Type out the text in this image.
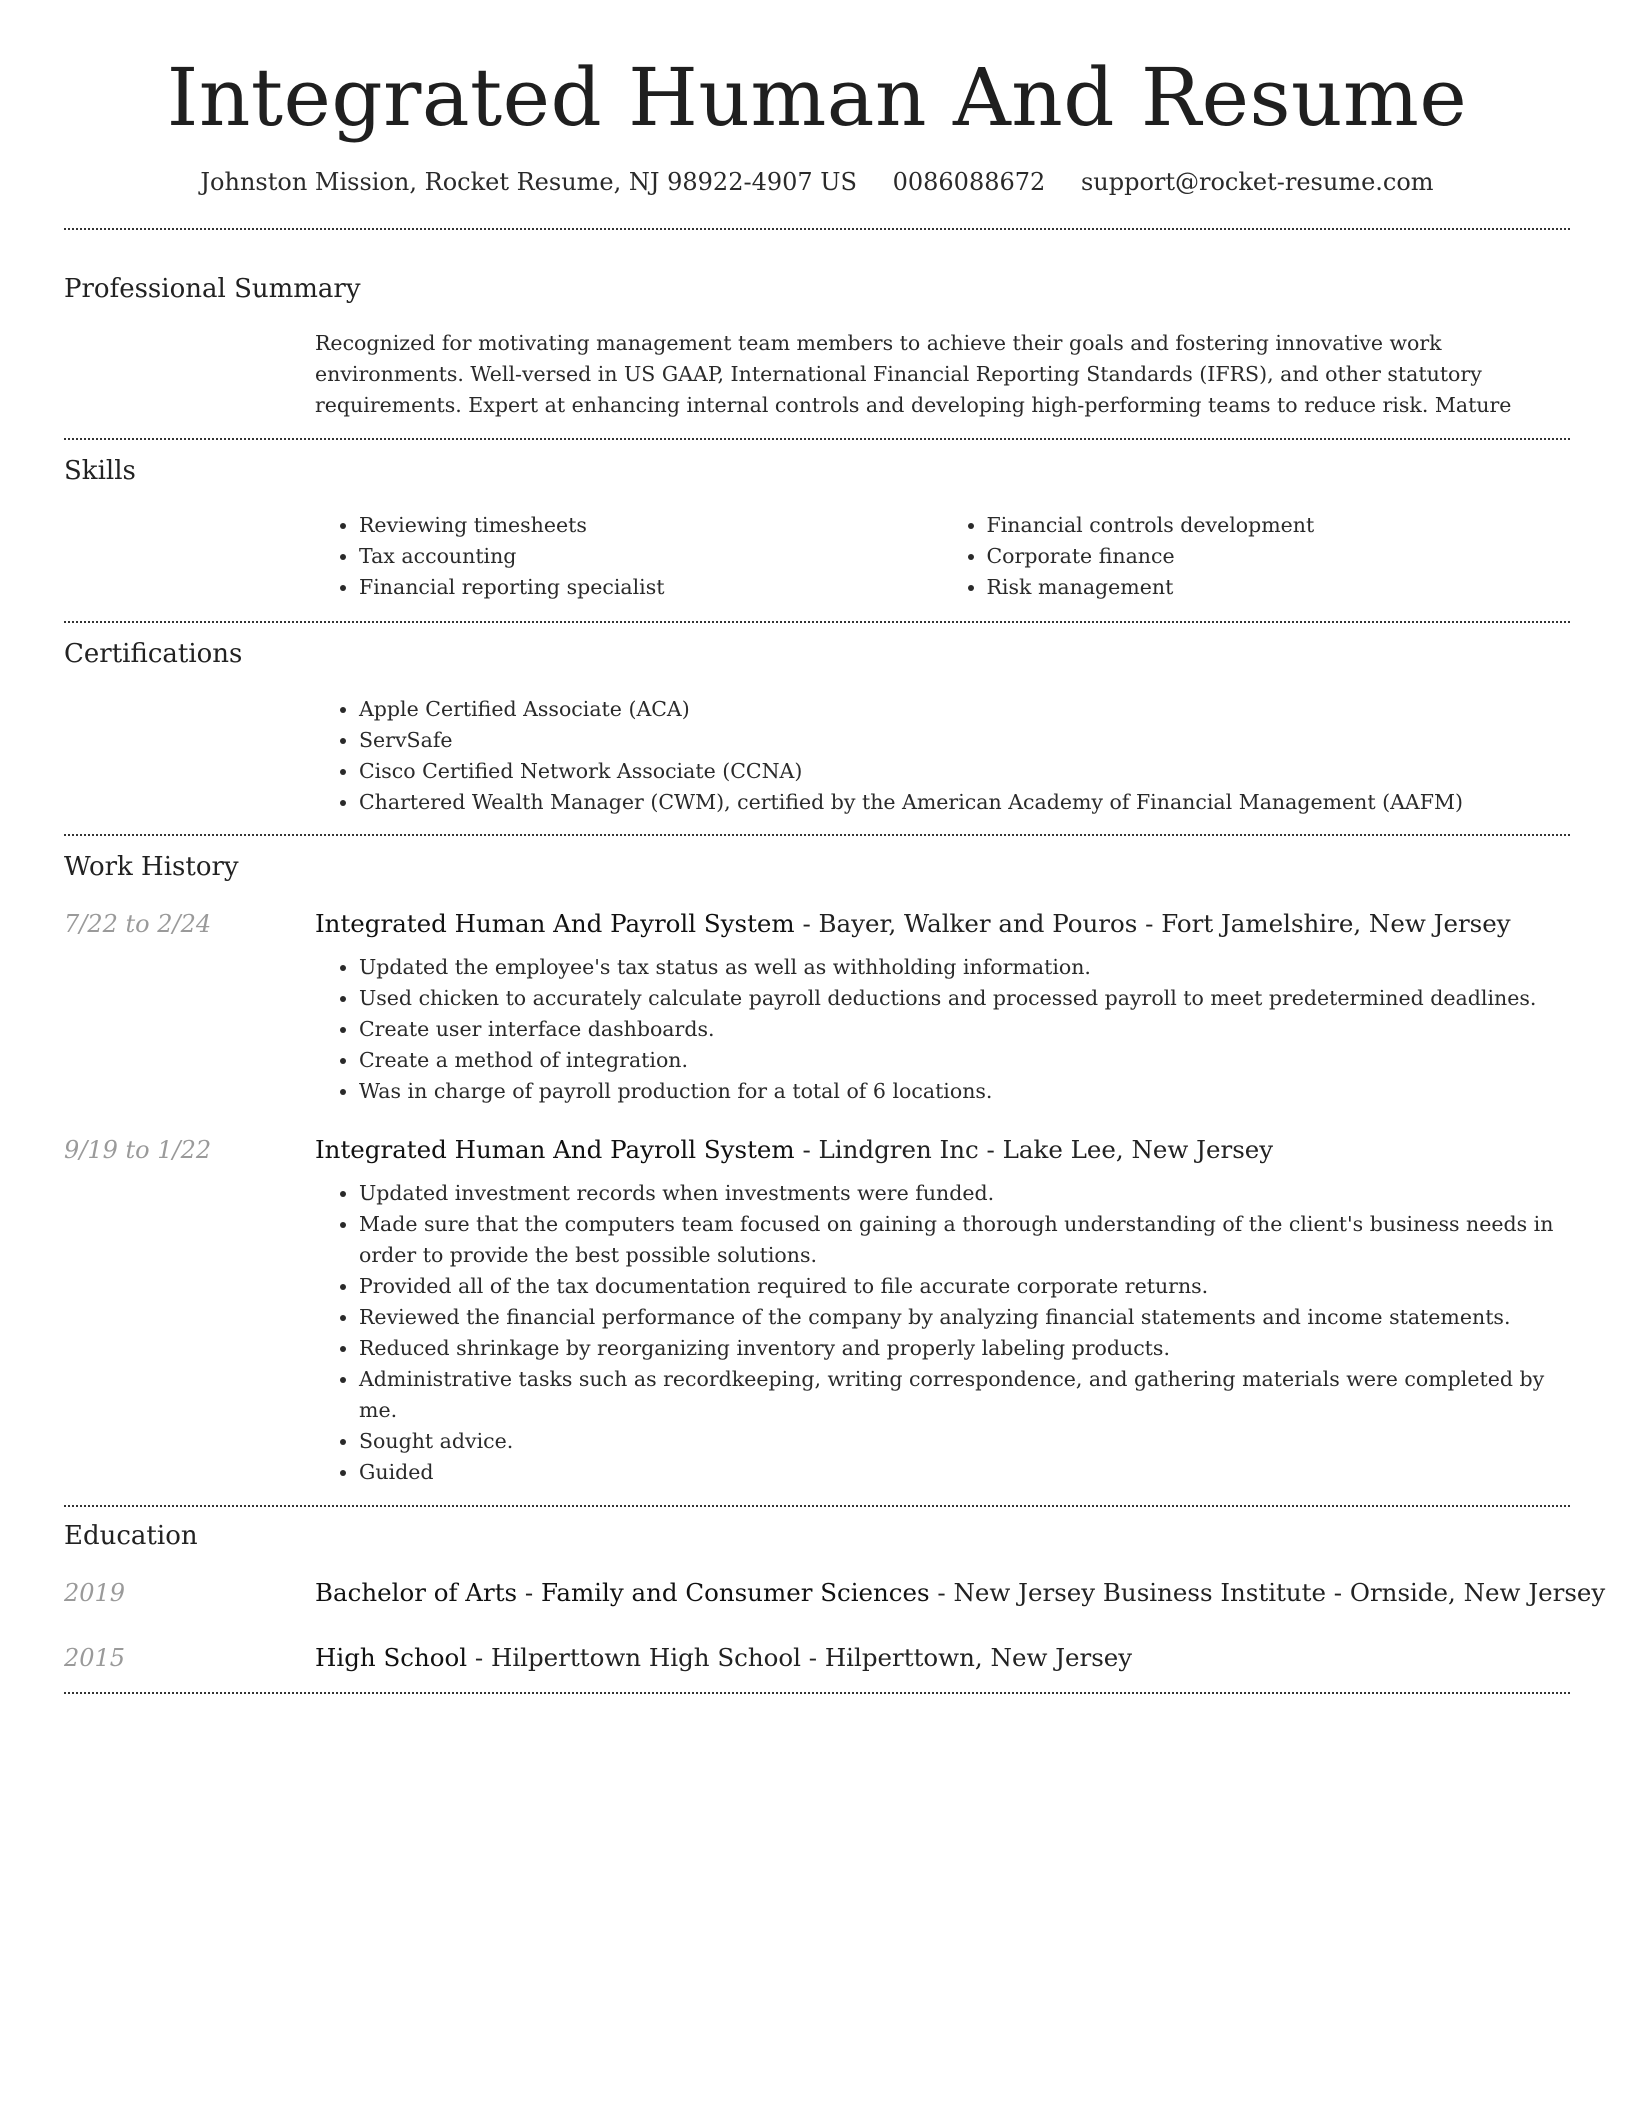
Integrated Human And Resume
Johnston Mission, Rocket Resume, NJ 98922-4907 US 0086088672 support@rocket-resume.com
Professional Summary
Recognized for motivating management team members to achieve their goals and fostering innovative work
environments. Well-versed in US GAAP, International Financial Reporting Standards (IFRS), and other statutory
requirements. Expert at enhancing internal controls and developing high-performing teams to reduce risk. Mature
Skills
• Reviewing timesheets
• Tax accounting
• Financial reporting specialist
• Financial controls development
• Corporate finance
• Risk management
Certifications
• Apple Certified Associate (ACA)
• ServSafe
• Cisco Certified Network Associate (CCNA)
• Chartered Wealth Manager (CWM), certified by the American Academy of Financial Management (AAFM)
Work History
7/22 to 2/24	Integrated Human And Payroll System - Bayer, Walker and Pouros - Fort Jamelshire, New Jersey
• Updated the employee's tax status as well as withholding information.
• Used chicken to accurately calculate payroll deductions and processed payroll to meet predetermined deadlines.
• Create user interface dashboards.
• Create a method of integration.
• Was in charge of payroll production for a total of 6 locations.
9/19 to 1/22	Integrated Human And Payroll System - Lindgren Inc - Lake Lee, New Jersey
• Updated investment records when investments were funded.
• Made sure that the computers team focused on gaining a thorough understanding of the client's business needs in order to provide the best possible solutions.
• Provided all of the tax documentation required to file accurate corporate returns.
• Reviewed the financial performance of the company by analyzing financial statements and income statements.
• Reduced shrinkage by reorganizing inventory and properly labeling products.
• Administrative tasks such as recordkeeping, writing correspondence, and gathering materials were completed by me.
• Sought advice.
• Guided
Education
2019	Bachelor of Arts - Family and Consumer Sciences - New Jersey Business Institute - Ornside, New Jersey
2015	High School - Hilperttown High School - Hilperttown, New Jersey
